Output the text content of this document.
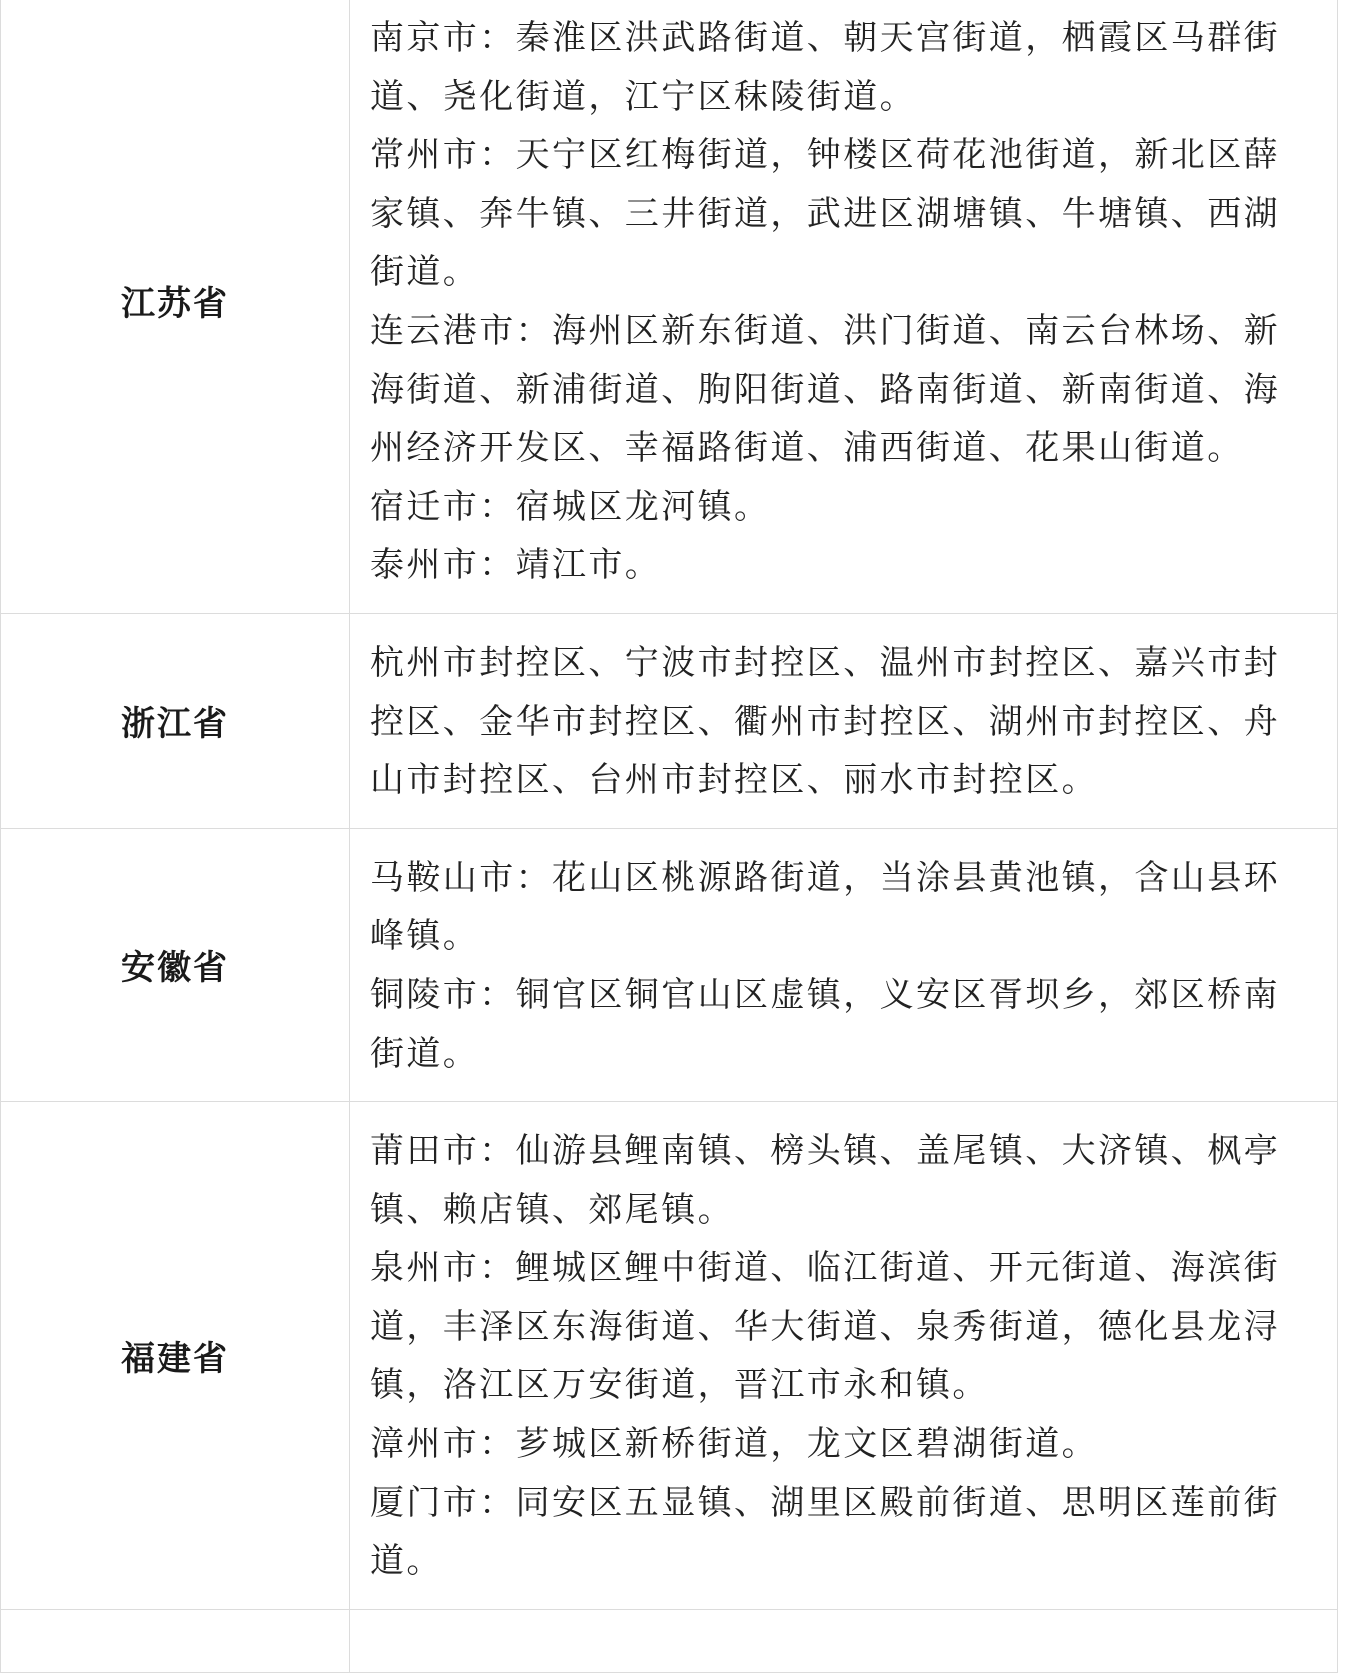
江苏省	南京市：秦淮区洪武路街道、朝天宫街道，栖霞区马群街道、尧化街道，江宁区秣陵街道。

常州市：天宁区红梅街道，钟楼区荷花池街道，新北区薛家镇、奔牛镇、三井街道，武进区湖塘镇、牛塘镇、西湖街道。

连云港市：海州区新东街道、洪门街道、南云台林场、新海街道、新浦街道、朐阳街道、路南街道、新南街道、海州经济开发区、幸福路街道、浦西街道、花果山街道。

宿迁市：宿城区龙河镇。

泰州市：靖江市。

浙江省	杭州市封控区、宁波市封控区、温州市封控区、嘉兴市封控区、金华市封控区、衢州市封控区、湖州市封控区、舟山市封控区、台州市封控区、丽水市封控区。

安徽省	马鞍山市：花山区桃源路街道，当涂县黄池镇，含山县环峰镇。

铜陵市：铜官区铜官山区虚镇，义安区胥坝乡，郊区桥南街道。

福建省	莆田市：仙游县鲤南镇、榜头镇、盖尾镇、大济镇、枫亭镇、赖店镇、郊尾镇。

泉州市：鲤城区鲤中街道、临江街道、开元街道、海滨街道，丰泽区东海街道、华大街道、泉秀街道，德化县龙浔镇，洛江区万安街道，晋江市永和镇。

漳州市：芗城区新桥街道，龙文区碧湖街道。

厦门市：同安区五显镇、湖里区殿前街道、思明区莲前街道。
